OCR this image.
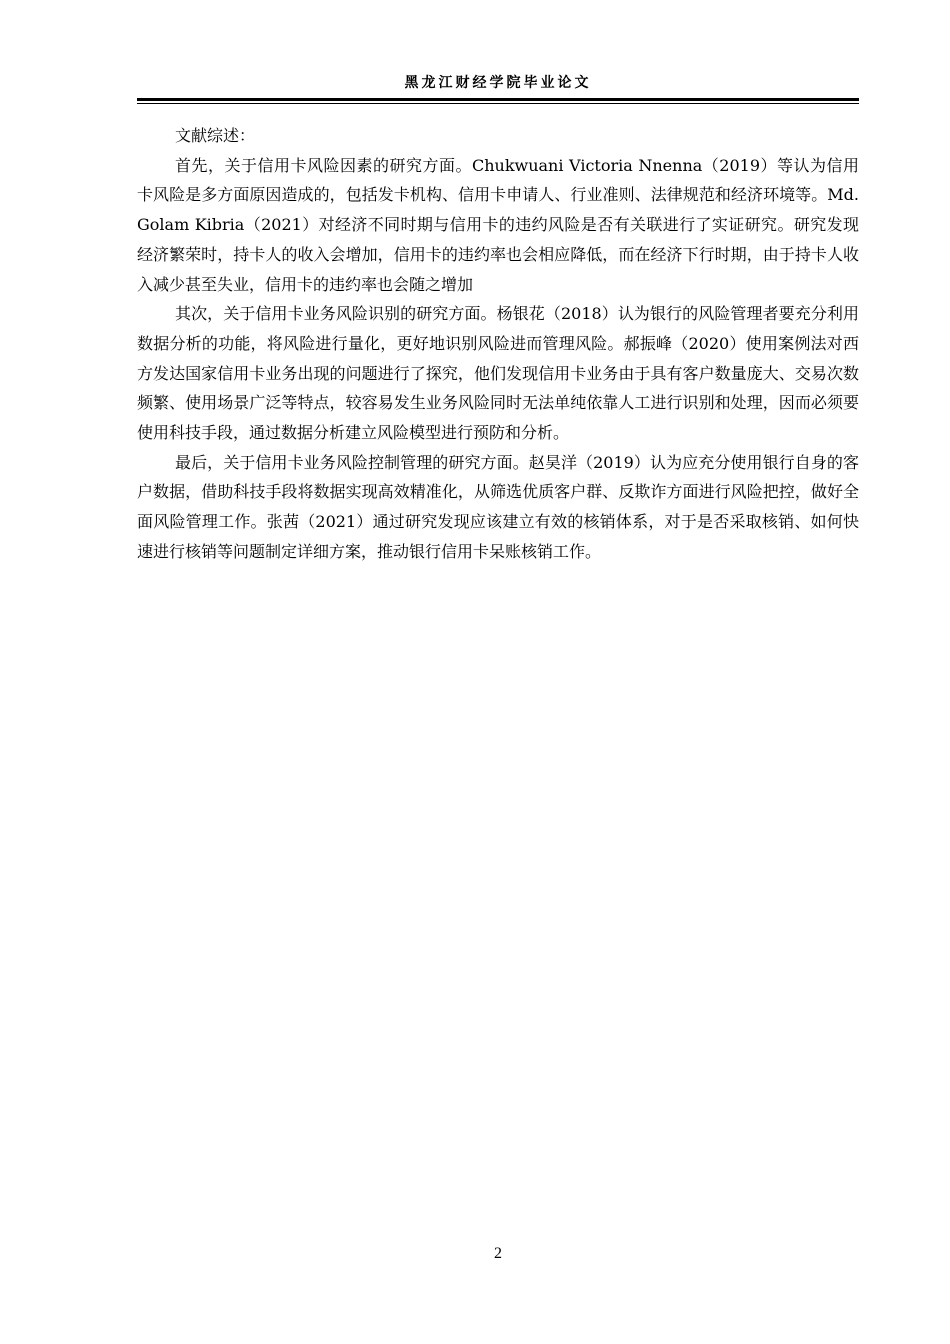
黑龙江财经学院毕业论文

文献综述：

首先，关于信用卡风险因素的研究方面。Chukwuani Victoria Nnenna（2019）等认为信用卡风险是多方面原因造成的，包括发卡机构、信用卡申请人、行业准则、法律规范和经济环境等。Md.Golam Kibria（2021）对经济不同时期与信用卡的违约风险是否有关联进行了实证研究。研究发现经济繁荣时，持卡人的收入会增加，信用卡的违约率也会相应降低，而在经济下行时期，由于持卡人收入减少甚至失业，信用卡的违约率也会随之增加

其次，关于信用卡业务风险识别的研究方面。杨银花（2018）认为银行的风险管理者要充分利用数据分析的功能，将风险进行量化，更好地识别风险进而管理风险。郝振峰（2020）使用案例法对西方发达国家信用卡业务出现的问题进行了探究，他们发现信用卡业务由于具有客户数量庞大、交易次数频繁、使用场景广泛等特点，较容易发生业务风险同时无法单纯依靠人工进行识别和处理，因而必须要使用科技手段，通过数据分析建立风险模型进行预防和分析。

最后，关于信用卡业务风险控制管理的研究方面。赵昊洋（2019）认为应充分使用银行自身的客户数据，借助科技手段将数据实现高效精准化，从筛选优质客户群、反欺诈方面进行风险把控，做好全面风险管理工作。张茜（2021）通过研究发现应该建立有效的核销体系，对于是否采取核销、如何快速进行核销等问题制定详细方案，推动银行信用卡呆账核销工作。

2
